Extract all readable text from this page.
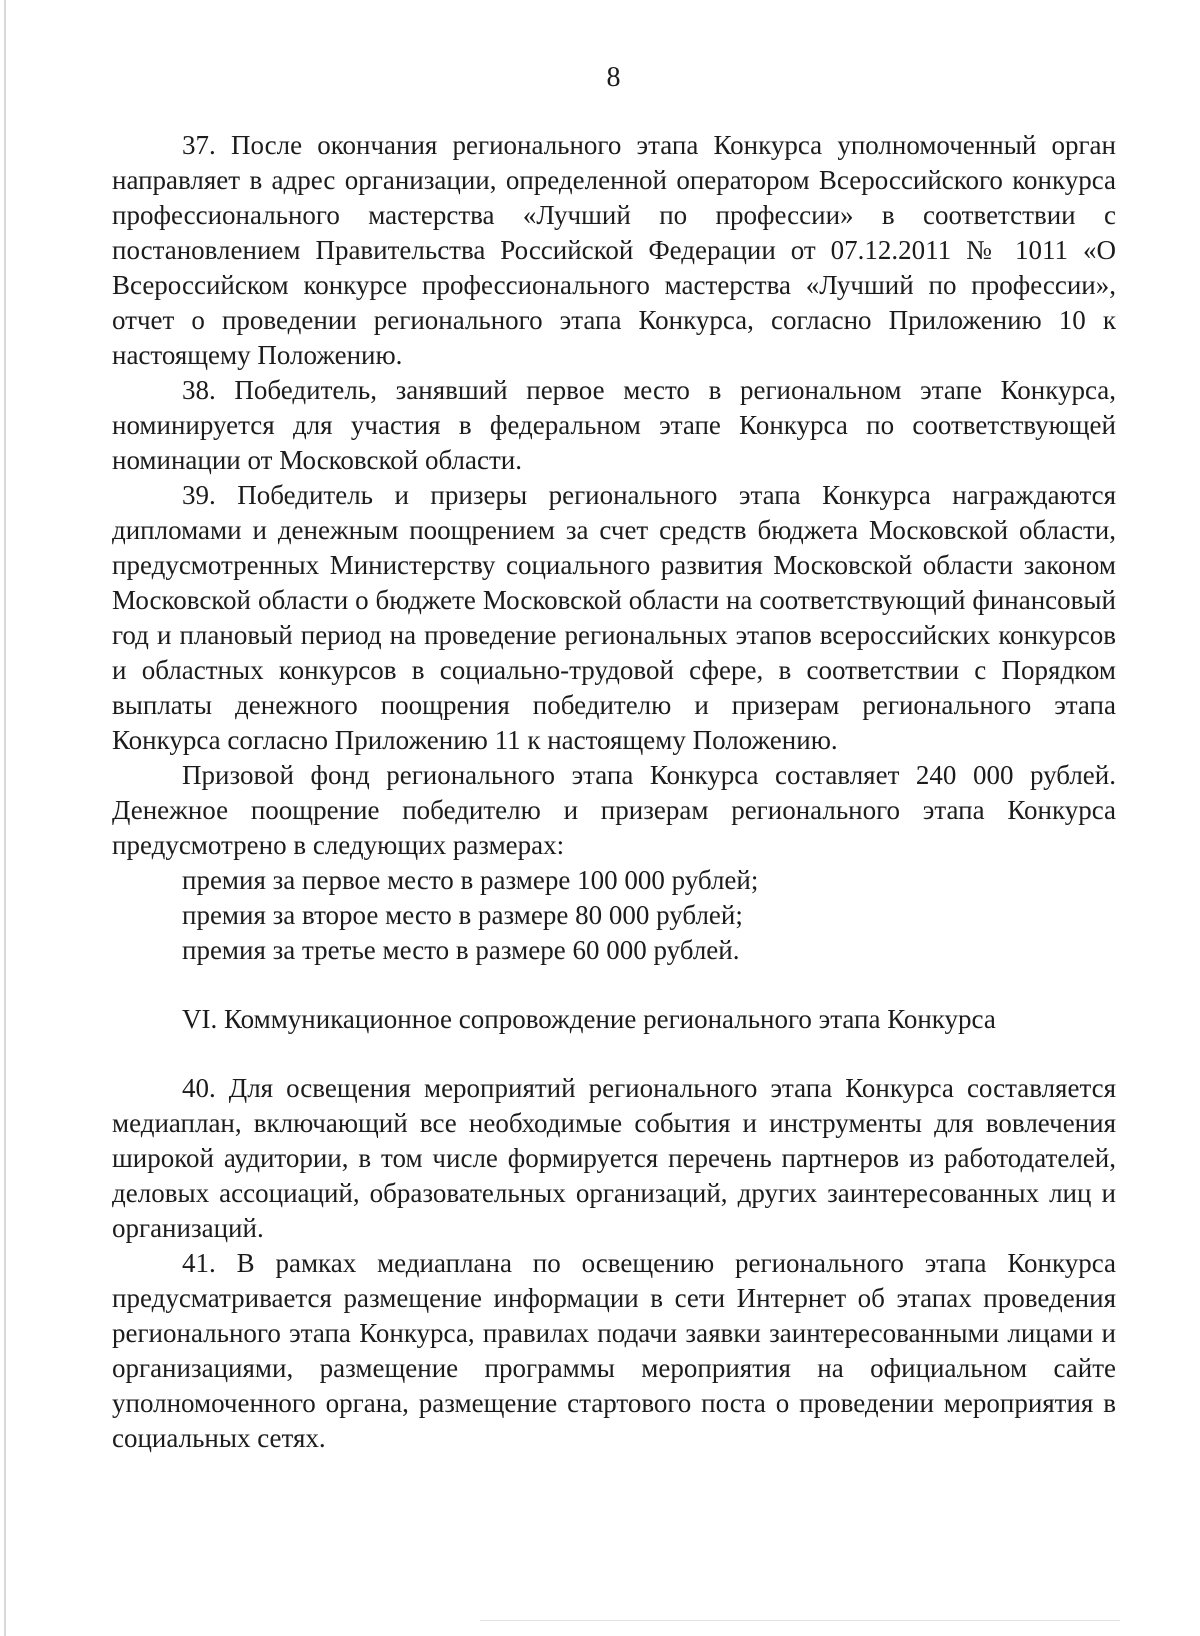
8

37. После окончания регионального этапа Конкурса уполномоченный орган направляет в адрес организации, определенной оператором Всероссийского конкурса профессионального мастерства «Лучший по профессии» в соответствии с постановлением Правительства Российской Федерации от 07.12.2011 № 1011 «О Всероссийском конкурсе профессионального мастерства «Лучший по профессии», отчет о проведении регионального этапа Конкурса, согласно Приложению 10 к настоящему Положению.

38. Победитель, занявший первое место в региональном этапе Конкурса, номинируется для участия в федеральном этапе Конкурса по соответствующей номинации от Московской области.

39. Победитель и призеры регионального этапа Конкурса награждаются дипломами и денежным поощрением за счет средств бюджета Московской области, предусмотренных Министерству социального развития Московской области законом Московской области о бюджете Московской области на соответствующий финансовый год и плановый период на проведение региональных этапов всероссийских конкурсов и областных конкурсов в социально-трудовой сфере, в соответствии с Порядком выплаты денежного поощрения победителю и призерам регионального этапа Конкурса согласно Приложению 11 к настоящему Положению.

Призовой фонд регионального этапа Конкурса составляет 240 000 рублей. Денежное поощрение победителю и призерам регионального этапа Конкурса предусмотрено в следующих размерах:

премия за первое место в размере 100 000 рублей;

премия за второе место в размере 80 000 рублей;

премия за третье место в размере 60 000 рублей.

VI. Коммуникационное сопровождение регионального этапа Конкурса

40. Для освещения мероприятий регионального этапа Конкурса составляется медиаплан, включающий все необходимые события и инструменты для вовлечения широкой аудитории, в том числе формируется перечень партнеров из работодателей, деловых ассоциаций, образовательных организаций, других заинтересованных лиц и организаций.

41. В рамках медиаплана по освещению регионального этапа Конкурса предусматривается размещение информации в сети Интернет об этапах проведения регионального этапа Конкурса, правилах подачи заявки заинтересованными лицами и организациями, размещение программы мероприятия на официальном сайте уполномоченного органа, размещение стартового поста о проведении мероприятия в социальных сетях.
